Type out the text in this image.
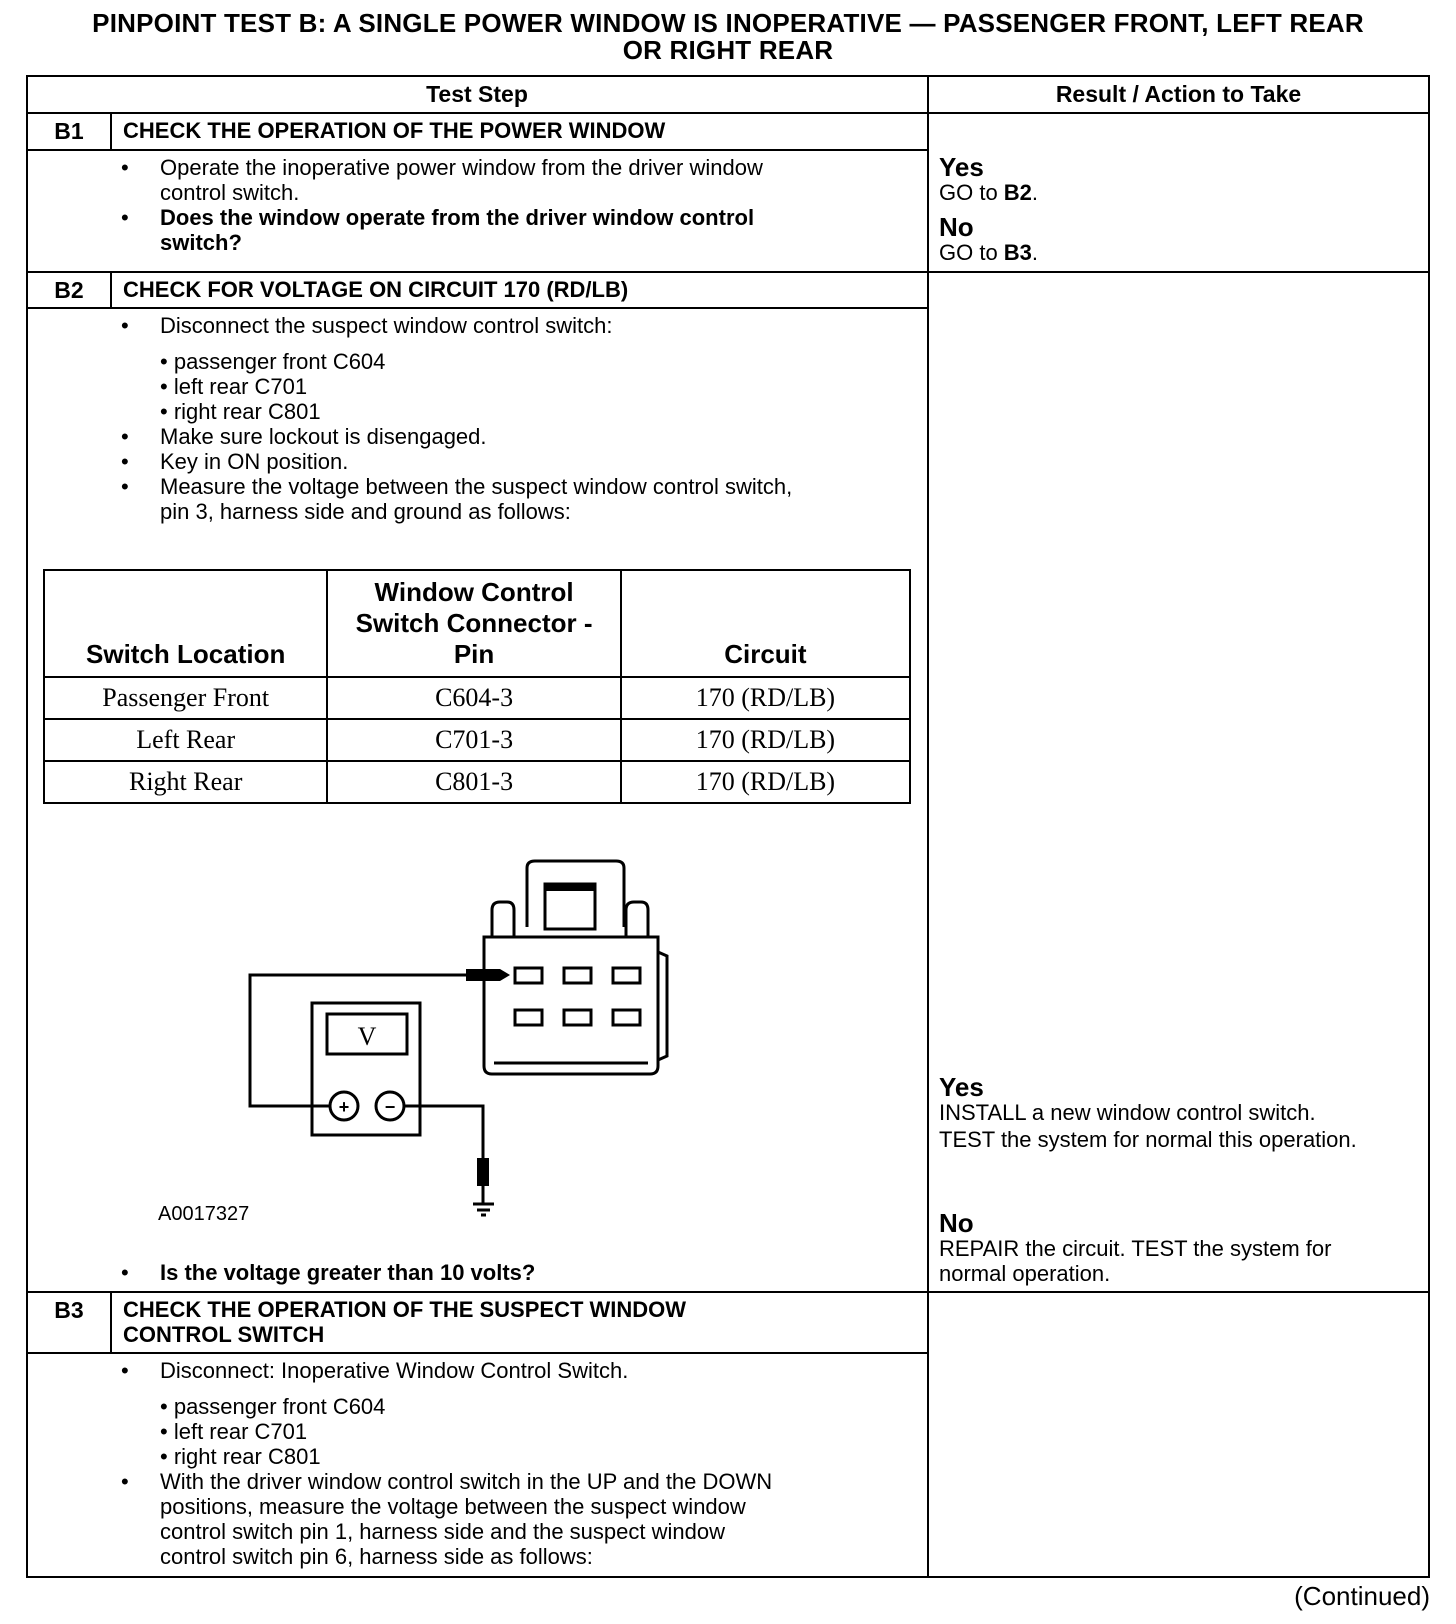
PINPOINT TEST B: A SINGLE POWER WINDOW IS INOPERATIVE — PASSENGER FRONT, LEFT REAR
OR RIGHT REAR
Test Step	Result / Action to Take
B1	CHECK THE OPERATION OF THE POWER WINDOW
• Operate the inoperative power window from the driver window
control switch.
• Does the window operate from the driver window control
switch?
Yes
GO to B2.
No
GO to B3.
B2	CHECK FOR VOLTAGE ON CIRCUIT 170 (RD/LB)
• Disconnect the suspect window control switch:
• passenger front C604
• left rear C701
• right rear C801
• Make sure lockout is disengaged.
• Key in ON position.
• Measure the voltage between the suspect window control switch,
pin 3, harness side and ground as follows:
Switch Location	Window Control Switch Connector - Pin	Circuit
Passenger Front	C604-3	170 (RD/LB)
Left Rear	C701-3	170 (RD/LB)
Right Rear	C801-3	170 (RD/LB)
V
+ −
A0017327
• Is the voltage greater than 10 volts?
Yes
INSTALL a new window control switch.
TEST the system for normal this operation.
No
REPAIR the circuit. TEST the system for
normal operation.
B3	CHECK THE OPERATION OF THE SUSPECT WINDOW
CONTROL SWITCH
• Disconnect: Inoperative Window Control Switch.
• passenger front C604
• left rear C701
• right rear C801
• With the driver window control switch in the UP and the DOWN
positions, measure the voltage between the suspect window
control switch pin 1, harness side and the suspect window
control switch pin 6, harness side as follows:
(Continued)
